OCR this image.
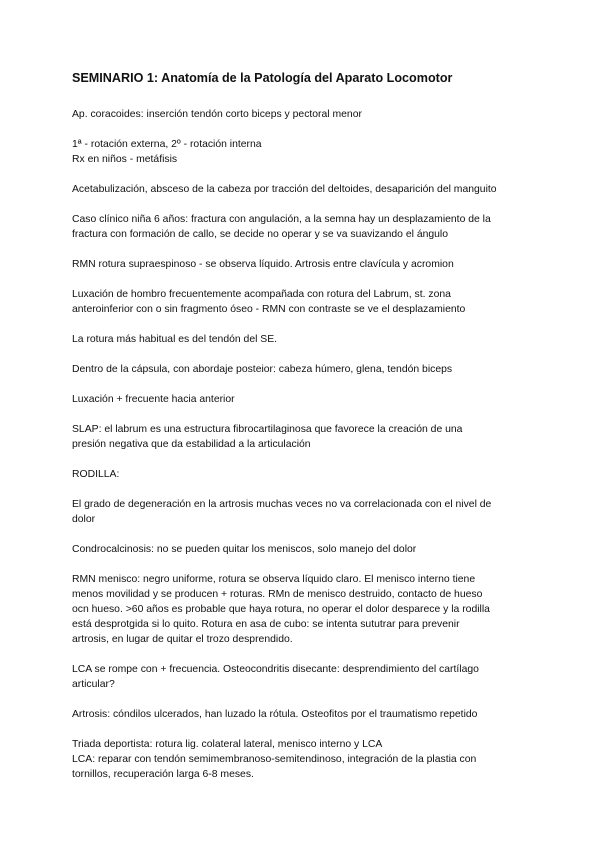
SEMINARIO 1: Anatomía de la Patología del Aparato Locomotor
Ap. coracoides: inserción tendón corto biceps y pectoral menor
1ª - rotación externa, 2º - rotación interna
Rx en niños - metáfisis
Acetabulización, absceso de la cabeza por tracción del deltoides, desaparición del manguito
Caso clínico niña 6 años: fractura con angulación, a la semna hay un desplazamiento de la
fractura con formación de callo, se decide no operar y se va suavizando el ángulo
RMN rotura supraespinoso - se observa líquido. Artrosis entre clavícula y acromion
Luxación de hombro frecuentemente acompañada con rotura del Labrum, st. zona
anteroinferior con o sin fragmento óseo - RMN con contraste se ve el desplazamiento
La rotura más habitual es del tendón del SE.
Dentro de la cápsula, con abordaje posteior: cabeza húmero, glena, tendón biceps
Luxación + frecuente hacia anterior
SLAP: el labrum es una estructura fibrocartilaginosa que favorece la creación de una
presión negativa que da estabilidad a la articulación
RODILLA:
El grado de degeneración en la artrosis muchas veces no va correlacionada con el nivel de
dolor
Condrocalcinosis: no se pueden quitar los meniscos, solo manejo del dolor
RMN menisco: negro uniforme, rotura se observa líquido claro. El menisco interno tiene
menos movilidad y se producen + roturas. RMn de menisco destruido, contacto de hueso
ocn hueso. >60 años es probable que haya rotura, no operar el dolor desparece y la rodilla
está desprotgida si lo quito. Rotura en asa de cubo: se intenta sututrar para prevenir
artrosis, en lugar de quitar el trozo desprendido.
LCA se rompe con + frecuencia. Osteocondritis disecante: desprendimiento del cartílago
articular?
Artrosis: cóndilos ulcerados, han luzado la rótula. Osteofitos por el traumatismo repetido
Triada deportista: rotura lig. colateral lateral, menisco interno y LCA
LCA: reparar con tendón semimembranoso-semitendinoso, integración de la plastia con
tornillos, recuperación larga 6-8 meses.
